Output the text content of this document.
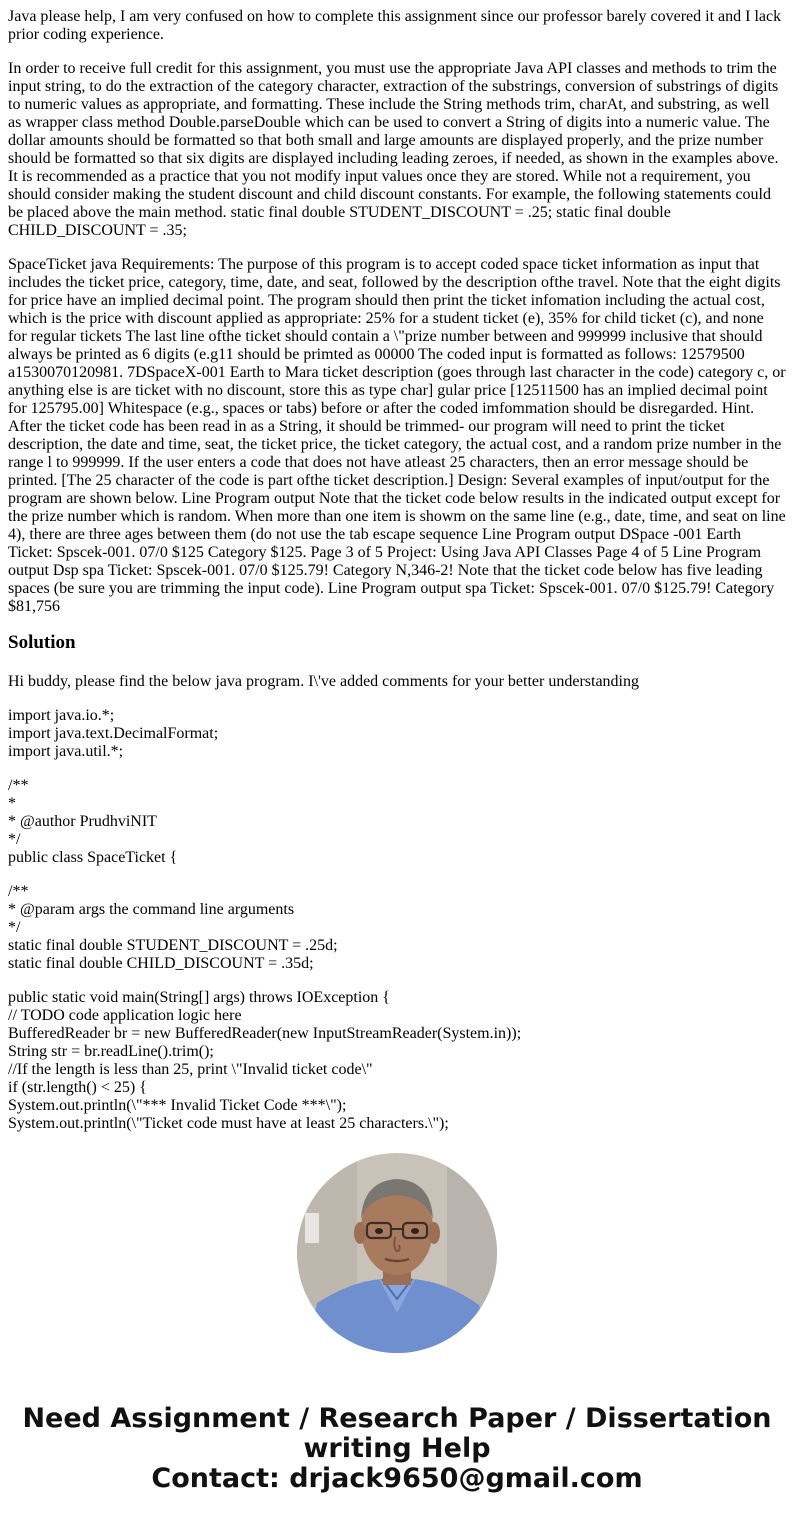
Java please help, I am very confused on how to complete this assignment since our professor barely covered it and I lack prior coding experience.

In order to receive full credit for this assignment, you must use the appropriate Java API classes and methods to trim the input string, to do the extraction of the category character, extraction of the substrings, conversion of substrings of digits to numeric values as appropriate, and formatting. These include the String methods trim, charAt, and substring, as well as wrapper class method Double.parseDouble which can be used to convert a String of digits into a numeric value. The dollar amounts should be formatted so that both small and large amounts are displayed properly, and the prize number should be formatted so that six digits are displayed including leading zeroes, if needed, as shown in the examples above. It is recommended as a practice that you not modify input values once they are stored. While not a requirement, you should consider making the student discount and child discount constants. For example, the following statements could be placed above the main method. static final double STUDENT_DISCOUNT = .25; static final double CHILD_DISCOUNT = .35;

SpaceTicket java Requirements: The purpose of this program is to accept coded space ticket information as input that includes the ticket price, category, time, date, and seat, followed by the description ofthe travel. Note that the eight digits for price have an implied decimal point. The program should then print the ticket infomation including the actual cost, which is the price with discount applied as appropriate: 25% for a student ticket (e), 35% for child ticket (c), and none for regular tickets The last line ofthe ticket should contain a \"prize number between and 999999 inclusive that should always be printed as 6 digits (e.g11 should be primted as 00000 The coded input is formatted as follows: 12579500 a1530070120981. 7DSpaceX-001 Earth to Mara ticket description (goes through last character in the code) category c, or anything else is are ticket with no discount, store this as type char] gular price [12511500 has an implied decimal point for 125795.00] Whitespace (e.g., spaces or tabs) before or after the coded imfommation should be disregarded. Hint. After the ticket code has been read in as a String, it should be trimmed- our program will need to print the ticket description, the date and time, seat, the ticket price, the ticket category, the actual cost, and a random prize number in the range l to 999999. If the user enters a code that does not have atleast 25 characters, then an error message should be printed. [The 25 character of the code is part ofthe ticket description.] Design: Several examples of input/output for the program are shown below. Line Program output Note that the ticket code below results in the indicated output except for the prize number which is random. When more than one item is showm on the same line (e.g., date, time, and seat on line 4), there are three ages between them (do not use the tab escape sequence Line Program output DSpace -001 Earth Ticket: Spscek-001. 07/0 $125 Category $125. Page 3 of 5 Project: Using Java API Classes Page 4 of 5 Line Program output Dsp spa Ticket: Spscek-001. 07/0 $125.79! Category N,346-2! Note that the ticket code below has five leading spaces (be sure you are trimming the input code). Line Program output spa Ticket: Spscek-001. 07/0 $125.79! Category $81,756

Solution

Hi buddy, please find the below java program. I\'ve added comments for your better understanding

import java.io.*;
import java.text.DecimalFormat;
import java.util.*;
/**
*
* @author PrudhviNIT
*/
public class SpaceTicket {
/**
* @param args the command line arguments
*/
static final double STUDENT_DISCOUNT = .25d;
static final double CHILD_DISCOUNT = .35d;
public static void main(String[] args) throws IOException {
// TODO code application logic here
BufferedReader br = new BufferedReader(new InputStreamReader(System.in));
String str = br.readLine().trim();
//If the length is less than 25, print \"Invalid ticket code\"
if (str.length() < 25) {
System.out.println(\"*** Invalid Ticket Code ***\");
System.out.println(\"Ticket code must have at least 25 characters.\");
Need Assignment / Research Paper / Dissertation
writing Help
Contact: drjack9650@gmail.com
